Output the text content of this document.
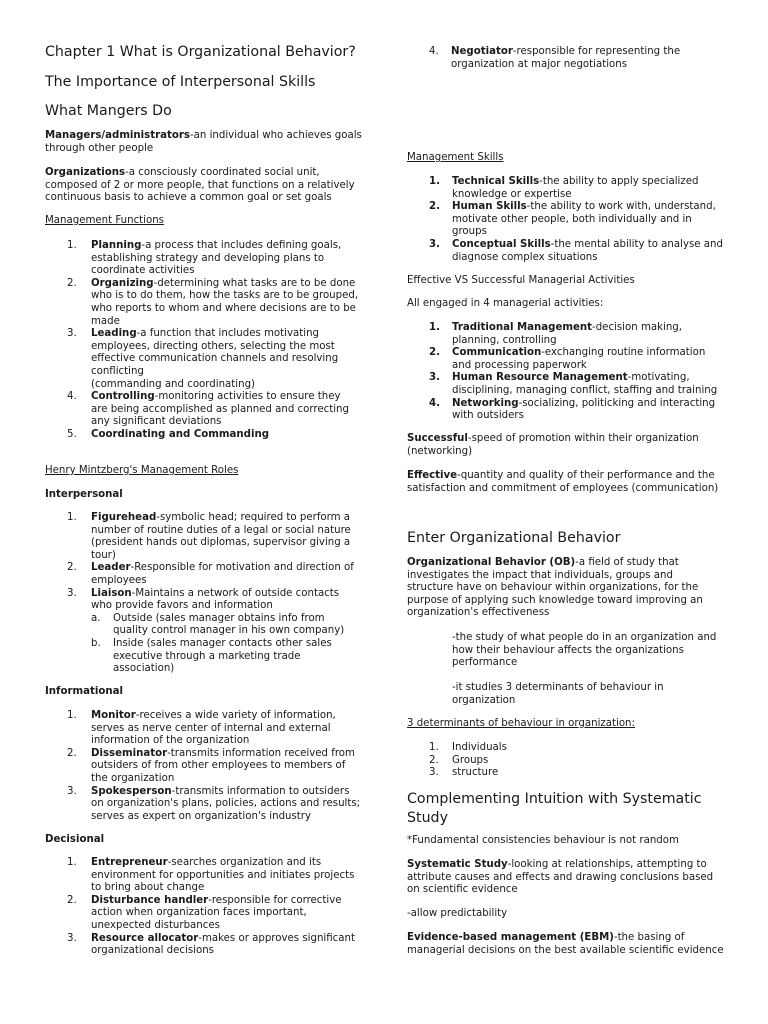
Chapter 1 What is Organizational Behavior?
The Importance of Interpersonal Skills
What Mangers Do

Managers/administrators-an individual who achieves goals through other people

Organizations-a consciously coordinated social unit, composed of 2 or more people, that functions on a relatively continuous basis to achieve a common goal or set goals

Management Functions

1. Planning-a process that includes defining goals, establishing strategy and developing plans to coordinate activities
2. Organizing-determining what tasks are to be done who is to do them, how the tasks are to be grouped, who reports to whom and where decisions are to be made
3. Leading-a function that includes motivating employees, directing others, selecting the most effective communication channels and resolving conflicting
(commanding and coordinating)
4. Controlling-monitoring activities to ensure they are being accomplished as planned and correcting any significant deviations
5. Coordinating and Commanding

Henry Mintzberg's Management Roles

Interpersonal

1. Figurehead-symbolic head; required to perform a number of routine duties of a legal or social nature (president hands out diplomas, supervisor giving a tour)
2. Leader-Responsible for motivation and direction of employees
3. Liaison-Maintains a network of outside contacts who provide favors and information
a. Outside (sales manager obtains info from quality control manager in his own company)
b. Inside (sales manager contacts other sales executive through a marketing trade association)

Informational

1. Monitor-receives a wide variety of information, serves as nerve center of internal and external information of the organization
2. Disseminator-transmits information received from outsiders of from other employees to members of the organization
3. Spokesperson-transmits information to outsiders on organization's plans, policies, actions and results; serves as expert on organization's industry

Decisional

1. Entrepreneur-searches organization and its environment for opportunities and initiates projects to bring about change
2. Disturbance handler-responsible for corrective action when organization faces important, unexpected disturbances
3. Resource allocator-makes or approves significant organizational decisions
4. Negotiator-responsible for representing the organization at major negotiations

Management Skills

1. Technical Skills-the ability to apply specialized knowledge or expertise
2. Human Skills-the ability to work with, understand, motivate other people, both individually and in groups
3. Conceptual Skills-the mental ability to analyse and diagnose complex situations

Effective VS Successful Managerial Activities

All engaged in 4 managerial activities:

1. Traditional Management-decision making, planning, controlling
2. Communication-exchanging routine information and processing paperwork
3. Human Resource Management-motivating, disciplining, managing conflict, staffing and training
4. Networking-socializing, politicking and interacting with outsiders

Successful-speed of promotion within their organization (networking)

Effective-quantity and quality of their performance and the satisfaction and commitment of employees (communication)

Enter Organizational Behavior

Organizational Behavior (OB)-a field of study that investigates the impact that individuals, groups and structure have on behaviour within organizations, for the purpose of applying such knowledge toward improving an organization's effectiveness

-the study of what people do in an organization and how their behaviour affects the organizations performance

-it studies 3 determinants of behaviour in organization

3 determinants of behaviour in organization:

1. Individuals
2. Groups
3. structure
Complementing Intuition with Systematic Study

*Fundamental consistencies behaviour is not random

Systematic Study-looking at relationships, attempting to attribute causes and effects and drawing conclusions based on scientific evidence

-allow predictability

Evidence-based management (EBM)-the basing of managerial decisions on the best available scientific evidence
